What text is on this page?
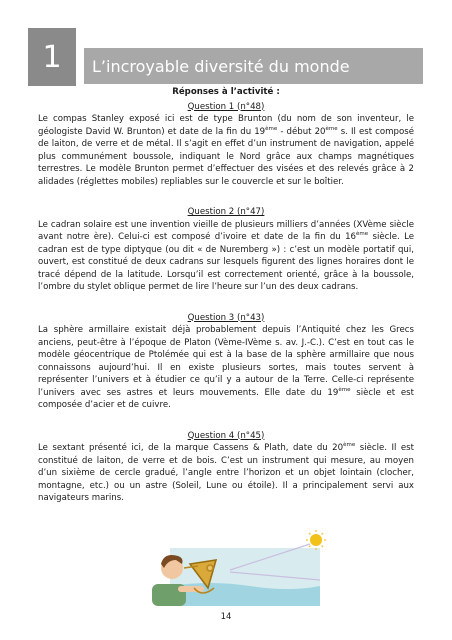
1	L’incroyable diversité du monde
Réponses à l’activité :
Question 1 (n°48)
Le compas Stanley exposé ici est de type Brunton (du nom de son inventeur, le géologiste David W. Brunton) et date de la fin du 19ème - début 20ème s. Il est composé de laiton, de verre et de métal. Il s’agit en effet d’un instrument de navigation, appelé plus communément boussole, indiquant le Nord grâce aux champs magnétiques terrestres. Le modèle Brunton permet d’effectuer des visées et des relevés grâce à 2 alidades (réglettes mobiles) repliables sur le couvercle et sur le boîtier.
Question 2 (n°47)
Le cadran solaire est une invention vieille de plusieurs milliers d’années (XVème siècle avant notre ère). Celui-ci est composé d’ivoire et date de la fin du 16ème siècle. Le cadran est de type diptyque (ou dit « de Nuremberg ») : c’est un modèle portatif qui, ouvert, est constitué de deux cadrans sur lesquels figurent des lignes horaires dont le tracé dépend de la latitude. Lorsqu’il est correctement orienté, grâce à la boussole, l’ombre du stylet oblique permet de lire l’heure sur l’un des deux cadrans.
Question 3 (n°43)
La sphère armillaire existait déjà probablement depuis l’Antiquité chez les Grecs anciens, peut-être à l’époque de Platon (Vème-IVème s. av. J.-C.). C’est en tout cas le modèle géocentrique de Ptolémée qui est à la base de la sphère armillaire que nous connaissons aujourd’hui. Il en existe plusieurs sortes, mais toutes servent à représenter l’univers et à étudier ce qu’il y a autour de la Terre. Celle-ci représente l’univers avec ses astres et leurs mouvements. Elle date du 19ème siècle et est composée d’acier et de cuivre.
Question 4 (n°45)
Le sextant présenté ici, de la marque Cassens & Plath, date du 20ème siècle. Il est constitué de laiton, de verre et de bois. C’est un instrument qui mesure, au moyen d’un sixième de cercle gradué, l’angle entre l’horizon et un objet lointain (clocher, montagne, etc.) ou un astre (Soleil, Lune ou étoile). Il a principalement servi aux navigateurs marins.
14
